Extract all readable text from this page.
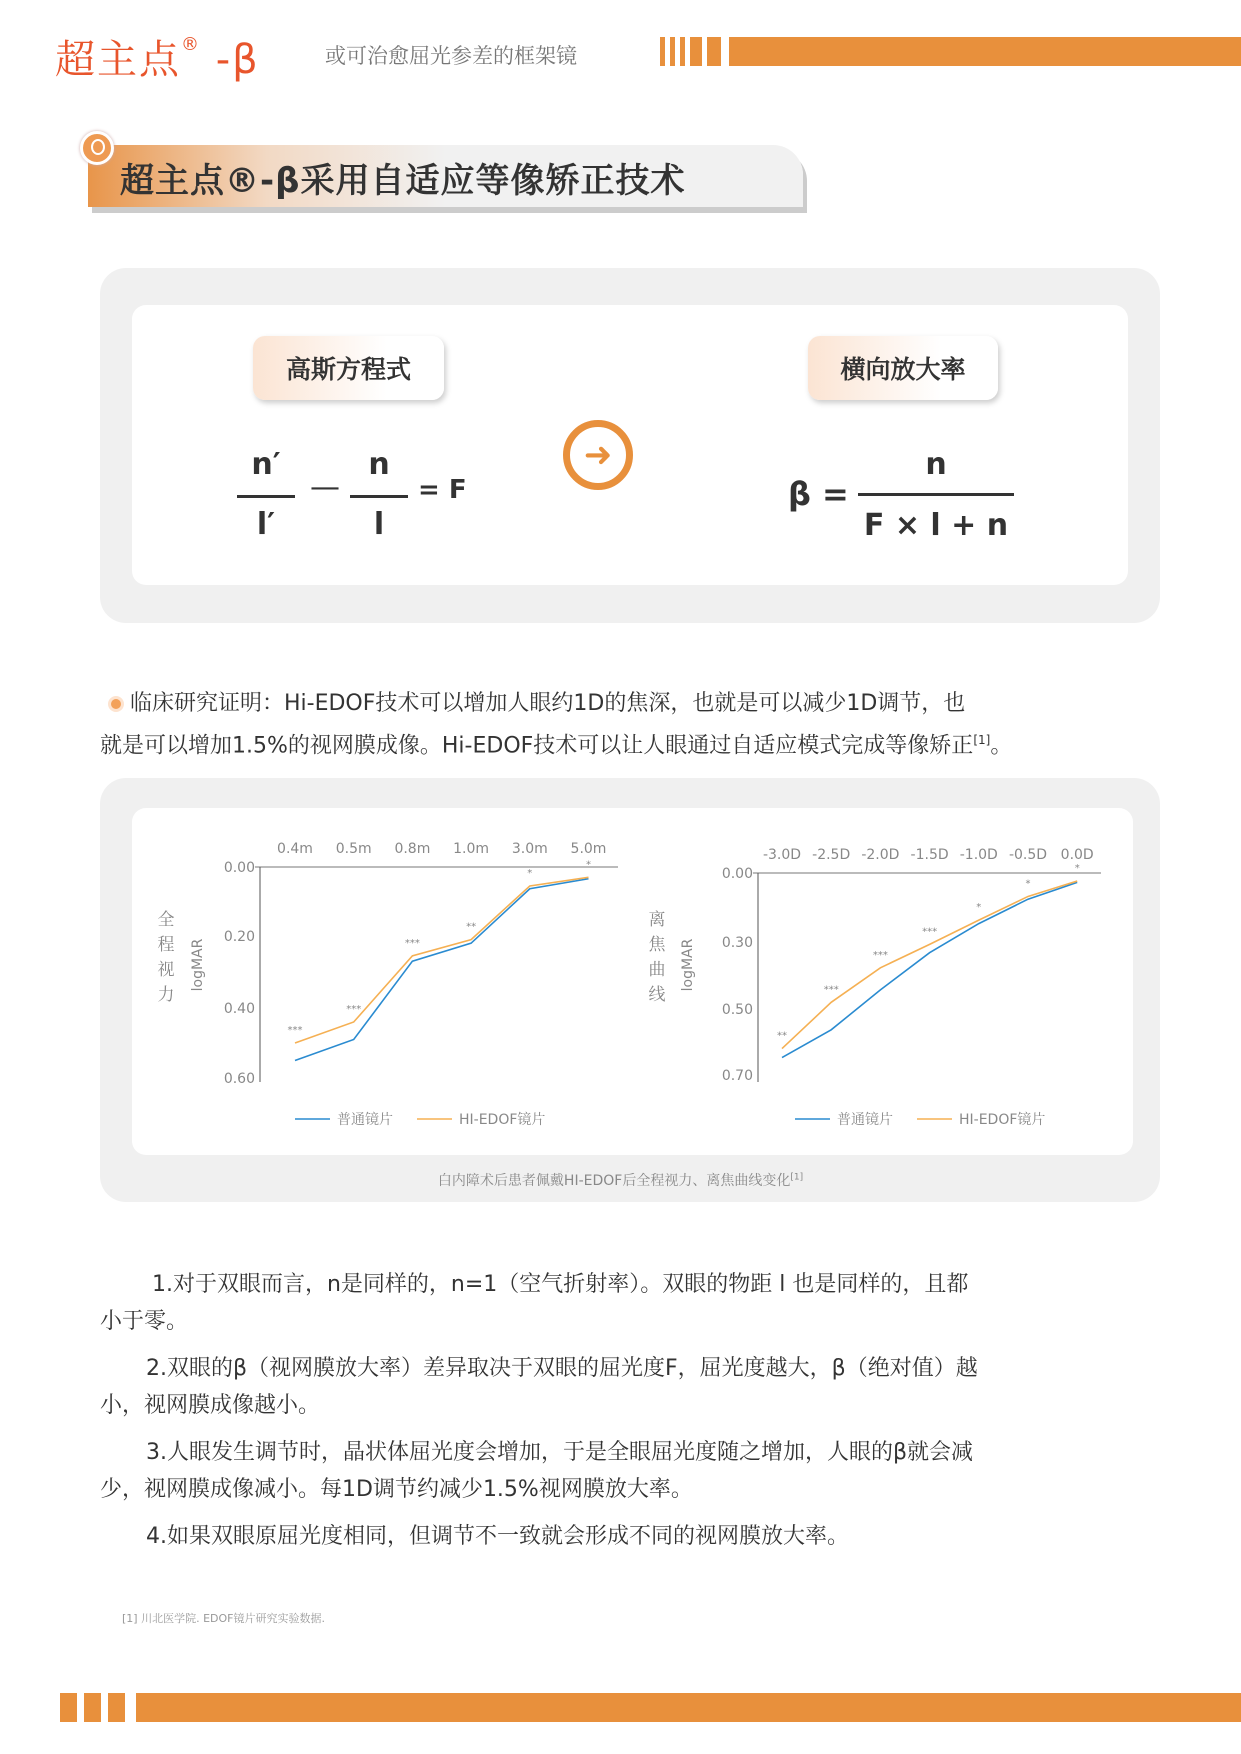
超主点® -β	或可治愈屈光参差的框架镜
超主点®-β采用自适应等像矫正技术
高斯方程式	横向放大率
n′
l′
—
n
l
= F
➜
β =
n
F × l + n
临床研究证明：Hi-EDOF技术可以增加人眼约1D的焦深，也就是可以减少1D调节，也
就是可以增加1.5%的视网膜成像。Hi-EDOF技术可以让人眼通过自适应模式完成等像矫正[1]。
0.4m 0.5m 0.8m 1.0m 3.0m 5.0m
0.00
0.20
0.40
0.60
全
程
视
力
logMAR
普通镜片	HI-EDOF镜片
***
***
***
**
*
*
-3.0D -2.5D -2.0D -1.5D -1.0D -0.5D 0.0D
0.00
0.30
0.50
0.70
离
焦
曲
线
logMAR
普通镜片	HI-EDOF镜片
**
***
***
***
*
*
*
白内障术后患者佩戴HI-EDOF后全程视力、离焦曲线变化[1]
1.对于双眼而言，n是同样的，n=1（空气折射率）。双眼的物距 l 也是同样的，且都
小于零。
2.双眼的β（视网膜放大率）差异取决于双眼的屈光度F，屈光度越大，β（绝对值）越
小，视网膜成像越小。
3.人眼发生调节时，晶状体屈光度会增加，于是全眼屈光度随之增加，人眼的β就会减
少，视网膜成像减小。每1D调节约减少1.5%视网膜放大率。
4.如果双眼原屈光度相同，但调节不一致就会形成不同的视网膜放大率。
[1] 川北医学院. EDOF镜片研究实验数据.
